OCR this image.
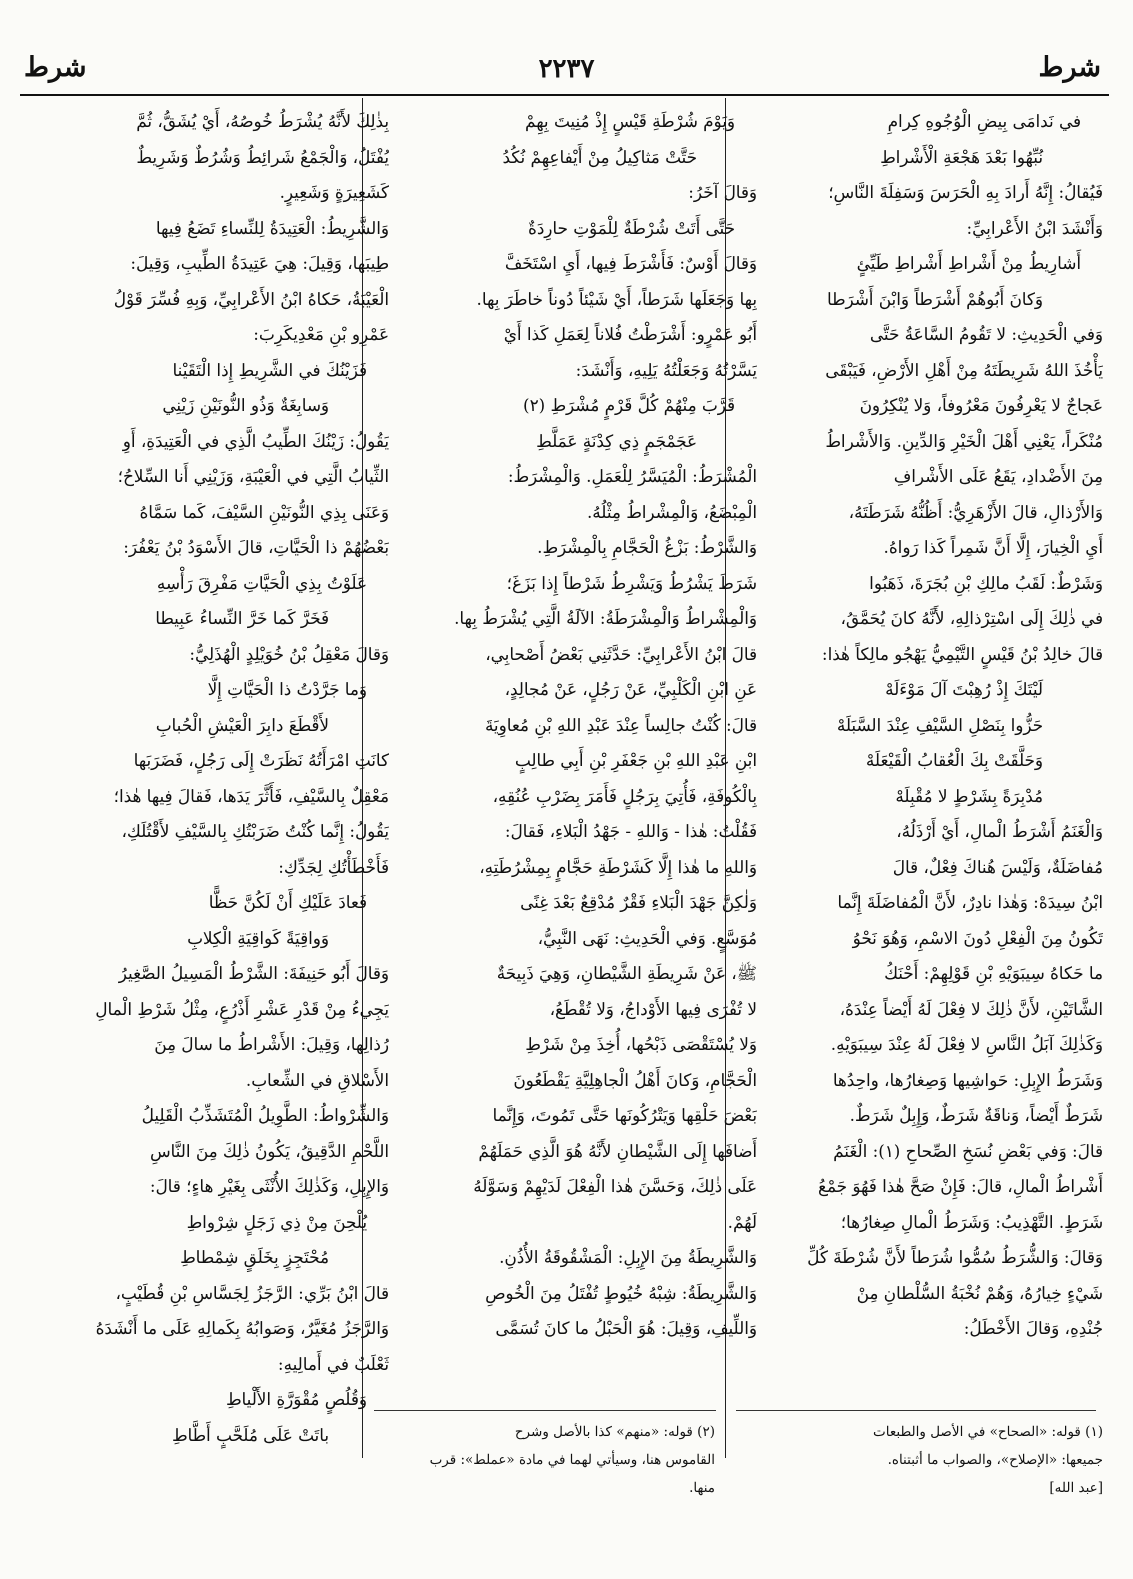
شرط
٢٢٣٧
شرط

في نَدامَى بِيضِ الْوُجُوهِ كِرامِ

نُبِّهُوا بَعْدَ هَجْعَةِ الْأَشْراطِ

فَيُقالُ: إِنَّهُ أَرادَ بِهِ الْحَرَسَ وَسَفِلَةَ النَّاسِ؛

وَأَنْشَدَ ابْنُ الأَعْرابِيِّ:

أَشارِيطُ مِنْ أَشْراطِ أَشْراطِ طَيِّئٍ

وَكانَ أَبُوهُمْ أَشْرَطاً وَابْنَ أَشْرَطا

وَفي الْحَدِيثِ: لا تَقُومُ السَّاعَةُ حَتَّى

يَأْخُذَ اللهُ شَرِيطَتَهُ مِنْ أَهْلِ الأَرْضِ، فَيَبْقَى

عَجاجٌ لا يَعْرِفُونَ مَعْرُوفاً، وَلا يُنْكِرُونَ

مُنْكَراً، يَعْنِي أَهْلَ الْخَيْرِ وَالدِّينِ. وَالأَشْراطُ

مِنَ الأَضْدادِ، يَقَعُ عَلَى الأَشْرافِ

وَالأَرْذالِ، قالَ الأَزْهَرِيُّ: أَظُنُّهُ شَرَطَتَهُ،

أَيِ الْخِيارَ، إِلَّا أَنَّ شَمِراً كَذا رَواهُ.

وَشَرْطٌ: لَقَبُ مالِكِ بْنِ بُجَرَةَ، ذَهَبُوا

في ذٰلِكَ إِلَى اسْتِرْذالِهِ، لأَنَّهُ كانَ يُحَمَّقُ،

قالَ خالِدُ بْنُ قَيْسٍ التَّيْمِيُّ يَهْجُو مالِكاً هٰذا:

لَيْتَكَ إِذْ رُهِبْتَ آلَ مَوْءَلَهْ

حَزُّوا بِنَصْلِ السَّيْفِ عِنْدَ السَّبَلَهْ

وَحَلَّقَتْ بِكَ الْعُقابُ الْقَيْعَلَهْ

مُدْبِرَةً بِشَرْطٍ لا مُقْبِلَهْ

وَالْغَنَمُ أَشْرَطُ الْمالِ، أَيْ أَرْذَلُهُ،

مُفاضَلَةٌ، وَلَيْسَ هُناكَ فِعْلٌ، قالَ

ابْنُ سِيدَهْ: وَهٰذا نادِرٌ، لأَنَّ الْمُفاضَلَةَ إِنَّما

تَكُونُ مِنَ الْفِعْلِ دُونَ الاسْمِ، وَهُوَ نَحْوُ

ما حَكاهُ سِيبَوَيْهِ بْنِ قَوْلِهِمْ: أَحْنَكُ

الشَّاتَيْنِ، لأَنَّ ذٰلِكَ لا فِعْلَ لَهُ أَيْضاً عِنْدَهُ،

وَكَذٰلِكَ آبَلُ النَّاسِ لا فِعْلَ لَهُ عِنْدَ سِيبَوَيْهِ.

وَشَرَطُ الإِبِلِ: حَواشِيها وَصِغارُها، واحِدُها

شَرَطٌ أَيْضاً، وَناقَةٌ شَرَطٌ، وَإِبِلٌ شَرَطٌ.

قالَ: وَفي بَعْضِ نُسَخِ الصِّحاحِ (١): الْغَنَمُ

أَشْراطُ الْمالِ، قالَ: فَإِنْ صَحَّ هٰذا فَهُوَ جَمْعُ

شَرَطٍ. التَّهْذِيبُ: وَشَرَطُ الْمالِ صِغارُها؛

وَقالَ: وَالشُّرَطُ سُمُّوا شُرَطاً لأَنَّ شُرْطَةَ كُلِّ

شَيْءٍ خِيارُهُ، وَهُمْ نُخْبَةُ السُّلْطانِ مِنْ

جُنْدِهِ، وَقالَ الأَخْطَلُ:

وَيَوْمَ شُرْطَةِ قَيْسٍ إِذْ مُنِيتَ بِهِمْ

حَتَّتْ مَثاكِيلُ مِنْ أَيْفاعِهِمْ نُكُدُ

وَقالَ آخَرُ:

حَتَّى أَتَتْ شُرْطَةٌ لِلْمَوْتِ حارِدَةٌ

وَقالَ أَوْسٌ: فَأَشْرَطَ فِيها، أَيِ اسْتَخَفَّ

بِها وَجَعَلَها شَرَطاً، أَيْ شَيْئاً دُوناً خاطَرَ بِها.

أَبُو عَمْرٍو: أَشْرَطْتُ فُلاناً لِعَمَلِ كَذا أَيْ

يَسَّرْتُهُ وَجَعَلْتُهُ يَلِيهِ، وَأَنْشَدَ:

قَرَّبَ مِنْهُمْ كُلَّ قَرْمٍ مُشْرَطِ (٢)

عَجَمْجَمٍ ذِي كِدْنَةٍ عَمَلَّطِ

الْمُشْرَطُ: الْمُيَسَّرُ لِلْعَمَلِ. وَالْمِشْرَطُ:

الْمِبْضَعُ، وَالْمِشْراطُ مِثْلُهُ.

وَالشَّرْطُ: بَزْغُ الْحَجَّامِ بِالْمِشْرَطِ.

شَرَطَ يَشْرُطُ وَيَشْرِطُ شَرْطاً إِذا بَزَغَ؛

وَالْمِشْراطُ وَالْمِشْرَطَةُ: الآلَةُ الَّتِي يُشْرَطُ بِها.

قالَ ابْنُ الأَعْرابِيِّ: حَدَّثَنِي بَعْضُ أَصْحابِي،

عَنِ ابْنِ الْكَلْبِيِّ، عَنْ رَجُلٍ، عَنْ مُجالِدٍ،

قالَ: كُنْتُ جالِساً عِنْدَ عَبْدِ اللهِ بْنِ مُعاوِيَةَ

ابْنِ عَبْدِ اللهِ بْنِ جَعْفَرِ بْنِ أَبِي طالِبٍ

بِالْكُوفَةِ، فَأُتِيَ بِرَجُلٍ فَأَمَرَ بِضَرْبِ عُنُقِهِ،

فَقُلْتُ: هٰذا - وَاللهِ - جَهْدُ الْبَلاءِ، فَقالَ:

وَاللهِ ما هٰذا إِلَّا كَشَرْطَةِ حَجَّامٍ بِمِشْرُطَتِهِ،

وَلٰكِنَّ جَهْدَ الْبَلاءِ فَقْرٌ مُدْقِعٌ بَعْدَ غِنًى

مُوَسَّعٍ. وَفي الْحَدِيثِ: نَهَى النَّبِيُّ،

ﷺ، عَنْ شَرِيطَةِ الشَّيْطانِ، وَهِيَ ذَبِيحَةٌ

لا تُفْرَى فِيها الأَوْداجُ، وَلا تُقْطَعُ،

وَلا يُسْتَقْصَى ذَبْحُها، أُخِذَ مِنْ شَرْطِ

الْحَجَّامِ، وَكانَ أَهْلُ الْجاهِلِيَّةِ يَقْطَعُونَ

بَعْضَ حَلْقِها وَيَتْرُكُونَها حَتَّى تَمُوتَ، وَإِنَّما

أَضافَها إِلَى الشَّيْطانِ لأَنَّهُ هُوَ الَّذِي حَمَلَهُمْ

عَلَى ذٰلِكَ، وَحَسَّنَ هٰذا الْفِعْلَ لَدَيْهِمْ وَسَوَّلَهُ

لَهُمْ.

وَالشَّرِيطَةُ مِنَ الإِبِلِ: الْمَشْقُوقَةُ الأُذُنِ.

وَالشَّرِيطَةُ: شِبْهُ خُيُوطٍ تُفْتَلُ مِنَ الْخُوصِ

وَاللِّيفِ، وَقِيلَ: هُوَ الْحَبْلُ ما كانَ تُسَمَّى

بِذٰلِكَ لأَنَّهُ يُشْرَطُ خُوصُهُ، أَيْ يُشَقُّ، ثُمَّ

يُفْتَلُ، وَالْجَمْعُ شَرائِطُ وَشُرُطٌ وَشَرِيطٌ

كَشَعِيرَةٍ وَشَعِيرٍ.

وَالشَّرِيطُ: الْعَتِيدَةُ لِلنِّساءِ تَضَعُ فِيها

طِيبَها، وَقِيلَ: هِيَ عَتِيدَةُ الطِّيبِ، وَقِيلَ:

الْعَيْبَةُ، حَكاهُ ابْنُ الأَعْرابِيِّ، وَبِهِ فُسِّرَ قَوْلُ

عَمْرِو بْنِ مَعْدِيكَرِبَ:

فَزَيْنُكَ في الشَّرِيطِ إِذا الْتَقَيْنا

وَسابِغَةٌ وَذُو النُّونَيْنِ زَيْنِي

يَقُولُ: زَيْنُكَ الطِّيبُ الَّذِي في الْعَتِيدَةِ، أَوِ

الثِّيابُ الَّتِي في الْعَيْبَةِ، وَزَيْنِي أَنا السِّلاحُ؛

وَعَنَى بِذِي النُّونَيْنِ السَّيْفَ، كَما سَمَّاهُ

بَعْضُهُمْ ذا الْحَيَّاتِ، قالَ الأَسْوَدُ بْنُ يَعْفُرَ:

عَلَوْتُ بِذِي الْحَيَّاتِ مَفْرِقَ رَأْسِهِ

فَخَرَّ كَما خَرَّ النِّساءُ عَبِيطا

وَقالَ مَعْقِلُ بْنُ خُوَيْلِدٍ الْهُذَلِيُّ:

وَما جَرَّدْتُ ذا الْحَيَّاتِ إِلَّا

لأَقْطَعَ دابِرَ الْعَيْشِ الْحُبابِ

كانَتِ امْرَأَتُهُ نَظَرَتْ إِلَى رَجُلٍ، فَضَرَبَها

مَعْقِلٌ بِالسَّيْفِ، فَأَثَّرَ يَدَها، فَقالَ فِيها هٰذا؛

يَقُولُ: إِنَّما كُنْتُ ضَرَبْتُكِ بِالسَّيْفِ لأَقْتُلَكِ،

فَأَخْطَأْتُكِ لِجَدِّكِ:

فَعادَ عَلَيْكِ أَنْ لَكُنَّ حَظًّا

وَواقِيَةً كَواقِيَةِ الْكِلابِ

وَقالَ أَبُو حَنِيفَةَ: الشَّرْطُ الْمَسِيلُ الصَّغِيرُ

يَجِيءُ مِنْ قَدْرِ عَشْرِ أَذْرُعٍ، مِثْلُ شَرْطِ الْمالِ

رُذالِها، وَقِيلَ: الأَشْراطُ ما سالَ مِنَ

الأَسْلاقِ في الشِّعابِ.

وَالشِّرْواطُ: الطَّوِيلُ الْمُتَشَذِّبُ الْقَلِيلُ

اللَّحْمِ الدَّقِيقُ، يَكُونُ ذٰلِكَ مِنَ النَّاسِ

وَالإِبِلِ، وَكَذٰلِكَ الأُنْثَى بِغَيْرِ هاءٍ؛ قالَ:

يُلْحِنَ مِنْ ذِي زَجَلٍ شِرْواطِ

مُحْتَجِزٍ بِخَلَقٍ شِمْطاطِ

قالَ ابْنُ بَرِّي: الرَّجَزُ لِجَسَّاسِ بْنِ قُطَيْبٍ،

وَالرَّجَزُ مُغَيَّرٌ، وَصَوابُهُ بِكَمالِهِ عَلَى ما أَنْشَدَهُ

ثَعْلَبٌ في أَمالِيهِ:

وَقُلُصٍ مُقْوَرَّةِ الأَلْياطِ

باتَتْ عَلَى مُلَحَّبٍ أَطَّاطِ	(١) قوله: «الصحاح» في الأصل والطبعات

جميعها: «الإصلاح»، والصواب ما أثبتناه.

[عبد الله]

(٢) قوله: «منهم» كذا بالأصل وشرح

القاموس هنا، وسيأتي لهما في مادة «عملط»: قرب

منها.
